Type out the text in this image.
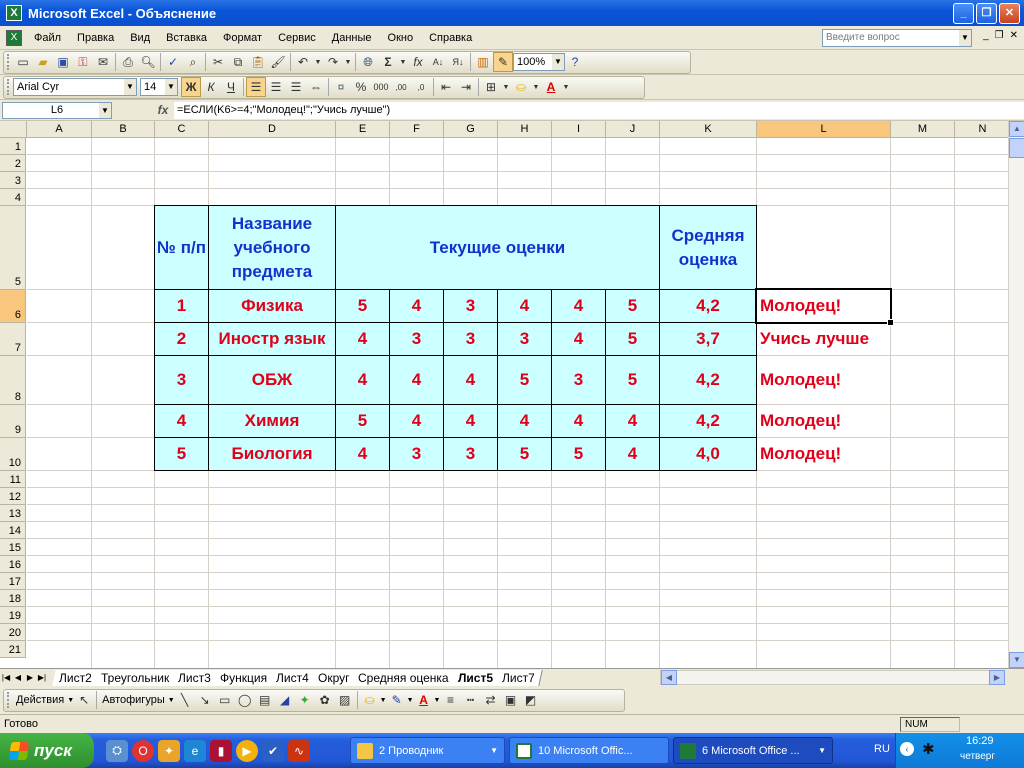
X Microsoft Excel - Объяснение	_	❐	✕
X	Файл	Правка	Вид	Вставка	Формат	Сервис	Данные	Окно	Справка	Введите вопрос	▼ _ ❐ ✕
▭ ▰ ▣ ⚿ ✉	⎙ 🔍︎	✓ ⌕	✂ ⧉ 📋︎ 🖌︎	↶ ▼ ↷ ▼ 🌐︎ Σ	▼ fx	A↓	Я↓	▥ ✎ 100% ▼ ?
Arial Cyr	▼ 14 ▼ Ж К	Ч	☰ ☰ ☰ ⇔	¤ % 000 ,00	,0	⇤ ⇥	⊞ ▼ ⛀ ▼ A	▼
L6	▼	fx =ЕСЛИ(K6>=4;"Молодец!";"Учись лучше")
A	B	C	D	E	F	G	H	I	J	K	L	M	N
1
2
3
4
5
6
7
8
9
10
11
12
13
14
15
16
17
18
19
20
21
№ п/п
Название учебного предмета
Текущие оценки
Средняя оценка
1	Физика	5	4	3	4	4	5	4,2	Молодец!
2	Иностр язык	4	3	3	3	4	5	3,7	Учись лучше
3	ОБЖ	4	4	4	5	3	5	4,2	Молодец!
4	Химия	5	4	4	4	4	4	4,2	Молодец!
5	Биология	4	3	3	5	5	4	4,0	Молодец!
▲
▼
|◀ ◀ ▶ ▶|	Лист2 Треугольник Лист3 Функция Лист4 Округ Средняя оценка Лист5 Лист7	◀	▶
Действия ▼ ↖	Автофигуры ▼ ╲ ↘ ▭ ◯ ▤ ◢ ✦ ✿ ▨	⛀ ▼ ✎ ▼ A ▼ ≡	┅ ⇄ ▣ ◩
Готово	NUM
пуск	⛭	O	✦	e	▮	▶	✔	∿	2 Проводник	▼	10 Microsoft Offic...	6 Microsoft Office ... ▼	RU	‹ ✱	16:29
четверг
